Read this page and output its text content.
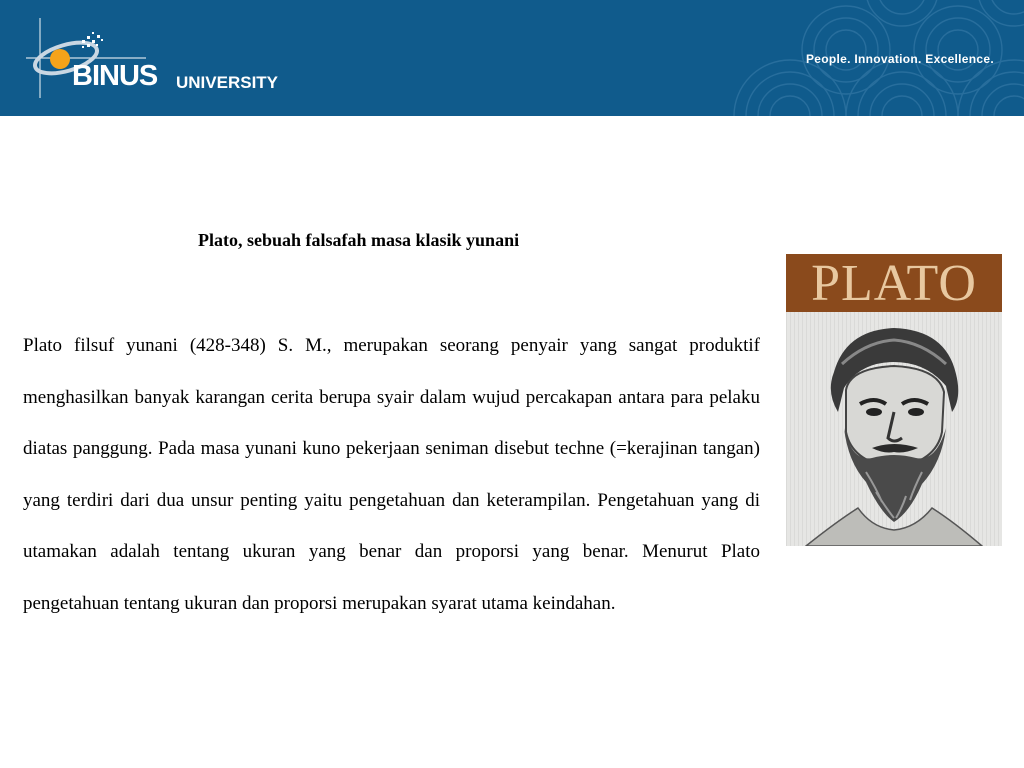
BINUS UNIVERSITY
People. Innovation. Excellence.
Plato, sebuah falsafah masa klasik yunani

Plato filsuf yunani (428-348) S. M., merupakan seorang penyair yang sangat produktif menghasilkan banyak karangan cerita berupa syair dalam wujud percakapan antara para pelaku diatas panggung. Pada masa yunani kuno pekerjaan seniman disebut techne (=kerajinan tangan) yang terdiri dari dua unsur penting yaitu pengetahuan dan keterampilan. Pengetahuan yang di utamakan adalah tentang ukuran yang benar dan proporsi yang benar. Menurut Plato pengetahuan tentang ukuran dan proporsi merupakan syarat utama keindahan.

PLATO
